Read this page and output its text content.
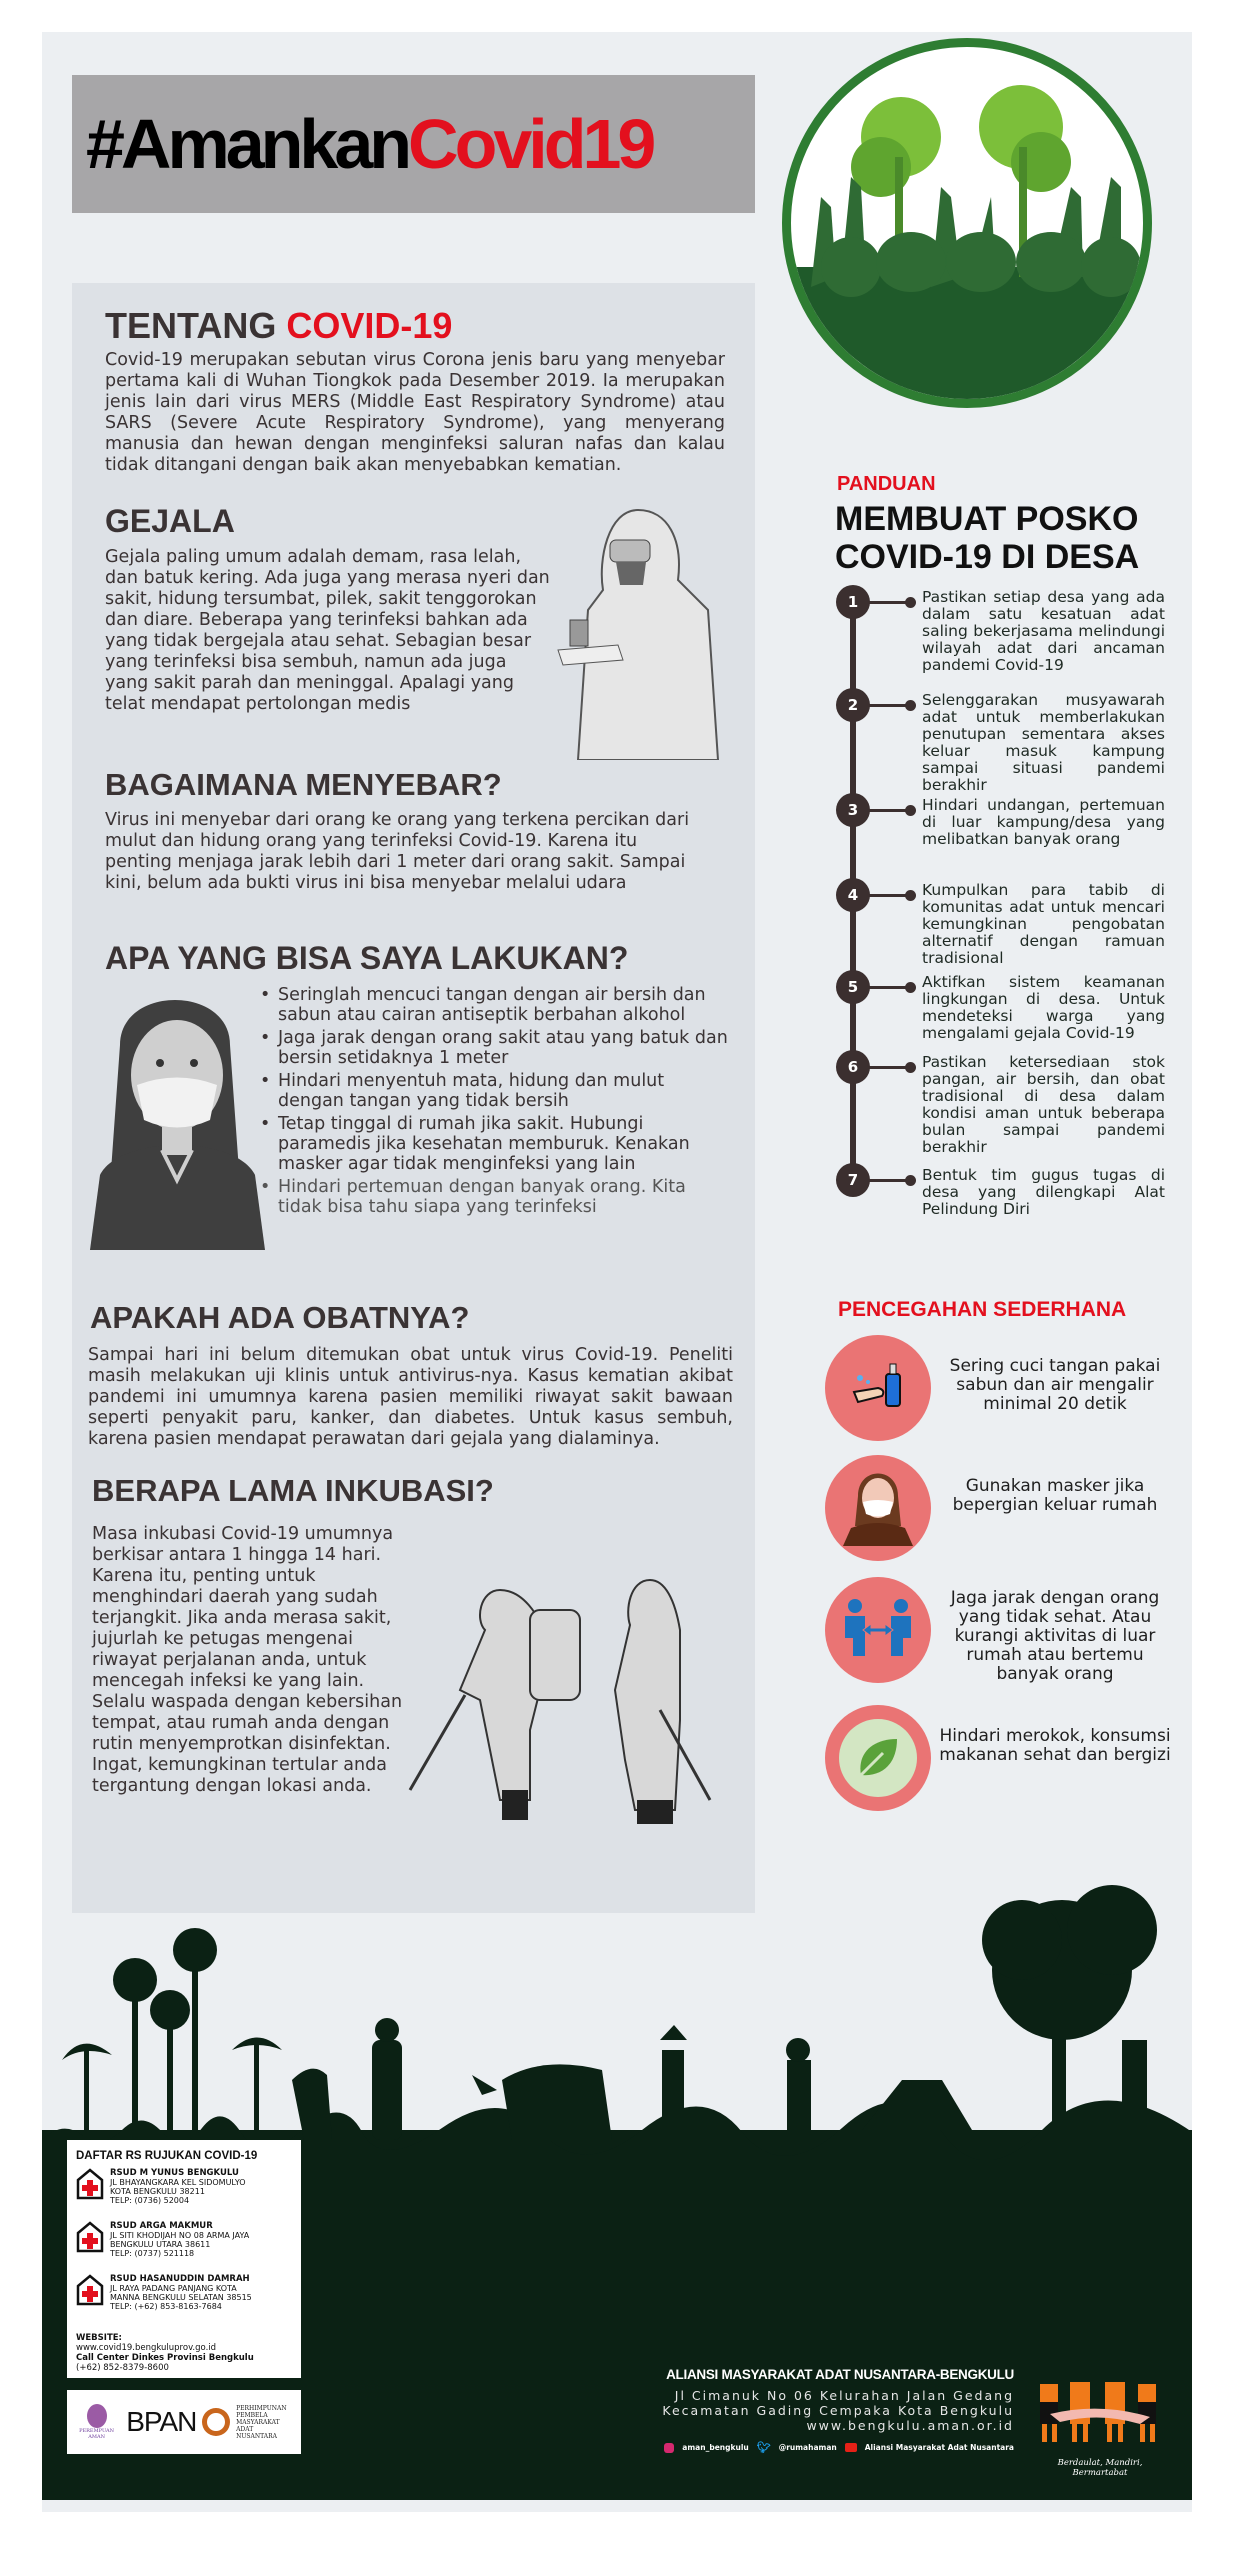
#Amankan Covid19
TENTANG COVID-19

Covid-19 merupakan sebutan virus Corona jenis baru yang menyebar pertama kali di Wuhan Tiongkok pada Desember 2019. Ia merupakan jenis lain dari virus MERS (Middle East Respiratory Syndrome) atau SARS (Severe Acute Respiratory Syndrome), yang menyerang manusia dan hewan dengan menginfeksi saluran nafas dan kalau tidak ditangani dengan baik akan menyebabkan kematian.

GEJALA

Gejala paling umum adalah demam, rasa lelah, dan batuk kering. Ada juga yang merasa nyeri dan sakit, hidung tersumbat, pilek, sakit tenggorokan dan diare. Beberapa yang terinfeksi bahkan ada yang tidak bergejala atau sehat. Sebagian besar yang terinfeksi bisa sembuh, namun ada juga yang sakit parah dan meninggal. Apalagi yang telat mendapat pertolongan medis

BAGAIMANA MENYEBAR?

Virus ini menyebar dari orang ke orang yang terkena percikan dari mulut dan hidung orang yang terinfeksi Covid-19. Karena itu penting menjaga jarak lebih dari 1 meter dari orang sakit. Sampai kini, belum ada bukti virus ini bisa menyebar melalui udara

APA YANG BISA SAYA LAKUKAN?
• Seringlah mencuci tangan dengan air bersih dan sabun atau cairan antiseptik berbahan alkohol
• Jaga jarak dengan orang sakit atau yang batuk dan bersin setidaknya 1 meter
• Hindari menyentuh mata, hidung dan mulut dengan tangan yang tidak bersih
• Tetap tinggal di rumah jika sakit. Hubungi paramedis jika kesehatan memburuk. Kenakan masker agar tidak menginfeksi yang lain
• Hindari pertemuan dengan banyak orang. Kita tidak bisa tahu siapa yang terinfeksi
APAKAH ADA OBATNYA?

Sampai hari ini belum ditemukan obat untuk virus Covid-19. Peneliti masih melakukan uji klinis untuk antivirus-nya. Kasus kematian akibat pandemi ini umumnya karena pasien memiliki riwayat sakit bawaan seperti penyakit paru, kanker, dan diabetes. Untuk kasus sembuh, karena pasien mendapat perawatan dari gejala yang dialaminya.

BERAPA LAMA INKUBASI?

Masa inkubasi Covid-19 umumnya berkisar antara 1 hingga 14 hari. Karena itu, penting untuk menghindari daerah yang sudah terjangkit. Jika anda merasa sakit, jujurlah ke petugas mengenai riwayat perjalanan anda, untuk mencegah infeksi ke yang lain. Selalu waspada dengan kebersihan tempat, atau rumah anda dengan rutin menyemprotkan disinfektan. Ingat, kemungkinan tertular anda tergantung dengan lokasi anda.

PANDUAN
MEMBUAT POSKO
COVID-19 DI DESA
1	Pastikan setiap desa yang ada dalam satu kesatuan adat saling bekerjasama melindungi wilayah adat dari ancaman pandemi Covid-19
2	Selenggarakan musyawarah adat untuk memberlakukan penutupan sementara akses keluar masuk kampung sampai situasi pandemi berakhir
3	Hindari undangan, pertemuan di luar kampung/desa yang melibatkan banyak orang
4	Kumpulkan para tabib di komunitas adat untuk mencari kemungkinan pengobatan alternatif dengan ramuan tradisional
5	Aktifkan sistem keamanan lingkungan di desa. Untuk mendeteksi warga yang mengalami gejala Covid-19
6	Pastikan ketersediaan stok pangan, air bersih, dan obat tradisional di desa dalam kondisi aman untuk beberapa bulan sampai pandemi berakhir
7	Bentuk tim gugus tugas di desa yang dilengkapi Alat Pelindung Diri
PENCEGAHAN SEDERHANA
Sering cuci tangan pakai sabun dan air mengalir minimal 20 detik
Gunakan masker jika bepergian keluar rumah
Jaga jarak dengan orang yang tidak sehat. Atau kurangi aktivitas di luar rumah atau bertemu banyak orang
Hindari merokok, konsumsi makanan sehat dan bergizi
DAFTAR RS RUJUKAN COVID-19
RSUD M YUNUS BENGKULU
JL BHAYANGKARA KEL SIDOMULYO
KOTA BENGKULU 38211
TELP: (0736) 52004
RSUD ARGA MAKMUR
JL SITI KHODIJAH NO 08 ARMA JAYA
BENGKULU UTARA 38611
TELP: (0737) 521118
RSUD HASANUDDIN DAMRAH
JL RAYA PADANG PANJANG KOTA
MANNA BENGKULU SELATAN 38515
TELP: (+62) 853-8163-7684
WEBSITE:
www.covid19.bengkuluprov.go.id
Call Center Dinkes Provinsi Bengkulu
(+62) 852-8379-8600
PEREMPUAN AMAN BPAN	PERHIMPUNAN
PEMBELA
MASYARAKAT
ADAT NUSANTARA
ALIANSI MASYARAKAT ADAT NUSANTARA-BENGKULU
Jl Cimanuk No 06 Kelurahan Jalan Gedang
Kecamatan Gading Cempaka Kota Bengkulu
www.bengkulu.aman.or.id
aman_bengkulu 🐦︎ @rumahaman	Aliansi Masyarakat Adat Nusantara
Berdaulat, Mandiri, Bermartabat
